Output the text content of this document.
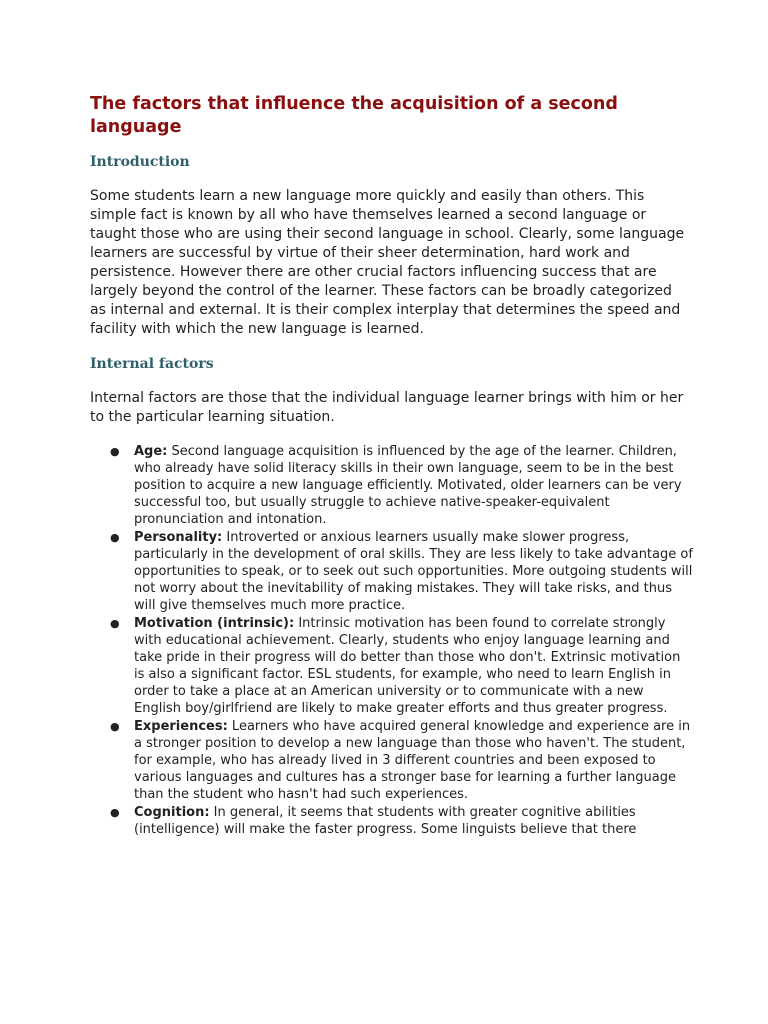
The factors that influence the acquisition of a second language
Introduction

Some students learn a new language more quickly and easily than others. This simple fact is known by all who have themselves learned a second language or taught those who are using their second language in school. Clearly, some language learners are successful by virtue of their sheer determination, hard work and persistence. However there are other crucial factors influencing success that are largely beyond the control of the learner. These factors can be broadly categorized as internal and external. It is their complex interplay that determines the speed and facility with which the new language is learned.

Internal factors

Internal factors are those that the individual language learner brings with him or her to the particular learning situation.

● Age: Second language acquisition is influenced by the age of the learner. Children, who already have solid literacy skills in their own language, seem to be in the best position to acquire a new language efficiently. Motivated, older learners can be very successful too, but usually struggle to achieve native-speaker-equivalent pronunciation and intonation.
● Personality: Introverted or anxious learners usually make slower progress, particularly in the development of oral skills. They are less likely to take advantage of opportunities to speak, or to seek out such opportunities. More outgoing students will not worry about the inevitability of making mistakes. They will take risks, and thus will give themselves much more practice.
● Motivation (intrinsic): Intrinsic motivation has been found to correlate strongly with educational achievement. Clearly, students who enjoy language learning and take pride in their progress will do better than those who don't. Extrinsic motivation is also a significant factor. ESL students, for example, who need to learn English in order to take a place at an American university or to communicate with a new English boy/girlfriend are likely to make greater efforts and thus greater progress.
● Experiences: Learners who have acquired general knowledge and experience are in a stronger position to develop a new language than those who haven't. The student, for example, who has already lived in 3 different countries and been exposed to various languages and cultures has a stronger base for learning a further language than the student who hasn't had such experiences.
● Cognition: In general, it seems that students with greater cognitive abilities (intelligence) will make the faster progress. Some linguists believe that there
